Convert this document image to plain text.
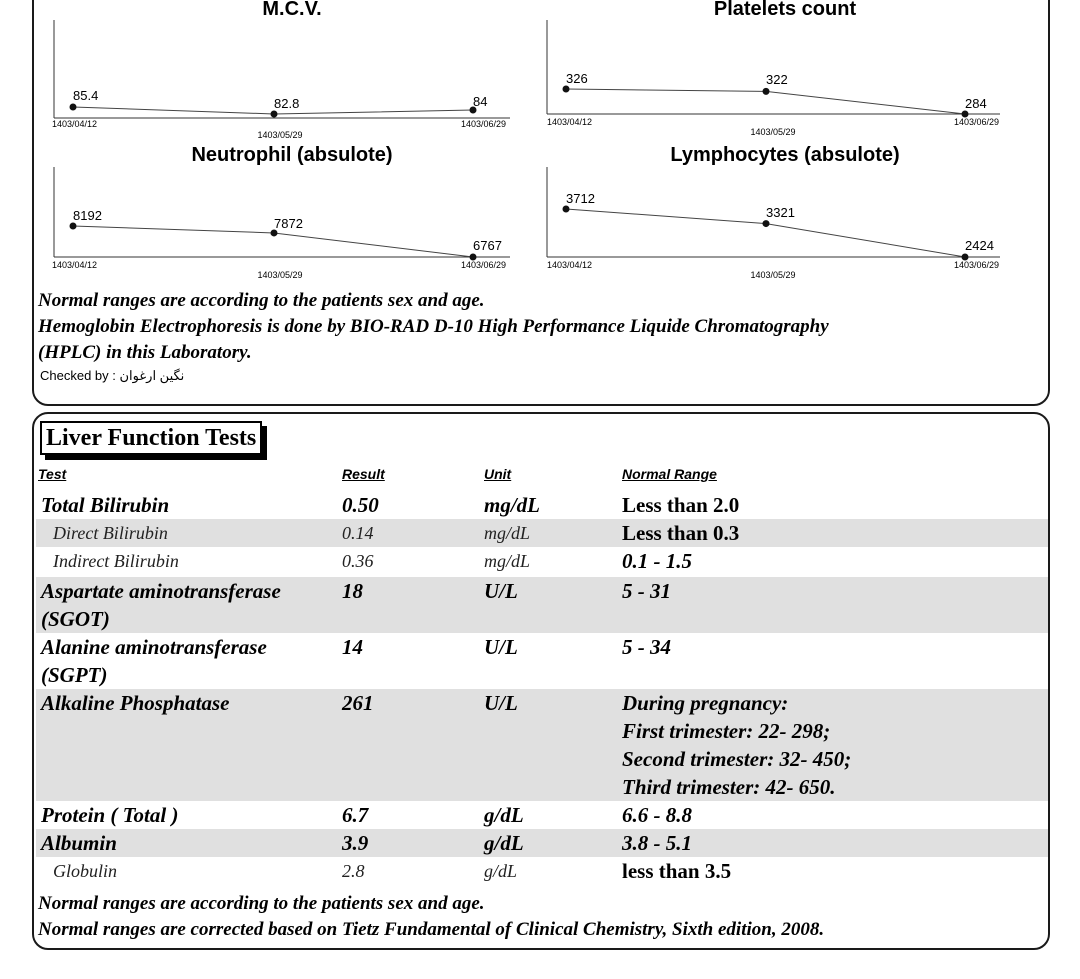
M.C.V.
85.4
82.8	84
1403/04/12
1403/05/29
1403/06/29
Platelets count
326	322
284
1403/04/12
1403/05/29
1403/06/29
Neutrophil (absulote)
8192
7872
6767
1403/04/12
1403/05/29
1403/06/29
Lymphocytes (absulote)
3712
3321
2424
1403/04/12
1403/05/29
1403/06/29
Normal ranges are according to the patients sex and age.
Hemoglobin Electrophoresis is done by BIO-RAD D-10 High Performance Liquide Chromatography
(HPLC) in this Laboratory.
Checked by : نگین ارغوان
Liver Function Tests
Test	Result	Unit	Normal Range
Total Bilirubin	0.50	mg/dL	Less than 2.0
Direct Bilirubin	0.14	mg/dL	Less than 0.3
Indirect Bilirubin	0.36	mg/dL	0.1 - 1.5
Aspartate aminotransferase
(SGOT)
18	U/L	5 - 31
Alanine aminotransferase
(SGPT)
14	U/L	5 - 34
Alkaline Phosphatase	261	U/L	During pregnancy:
First trimester: 22- 298;
Second trimester: 32- 450;
Third trimester: 42- 650.
Protein ( Total )	6.7	g/dL	6.6 - 8.8
Albumin	3.9	g/dL	3.8 - 5.1
Globulin	2.8	g/dL	less than 3.5
Normal ranges are according to the patients sex and age.
Normal ranges are corrected based on Tietz Fundamental of Clinical Chemistry, Sixth edition, 2008.
